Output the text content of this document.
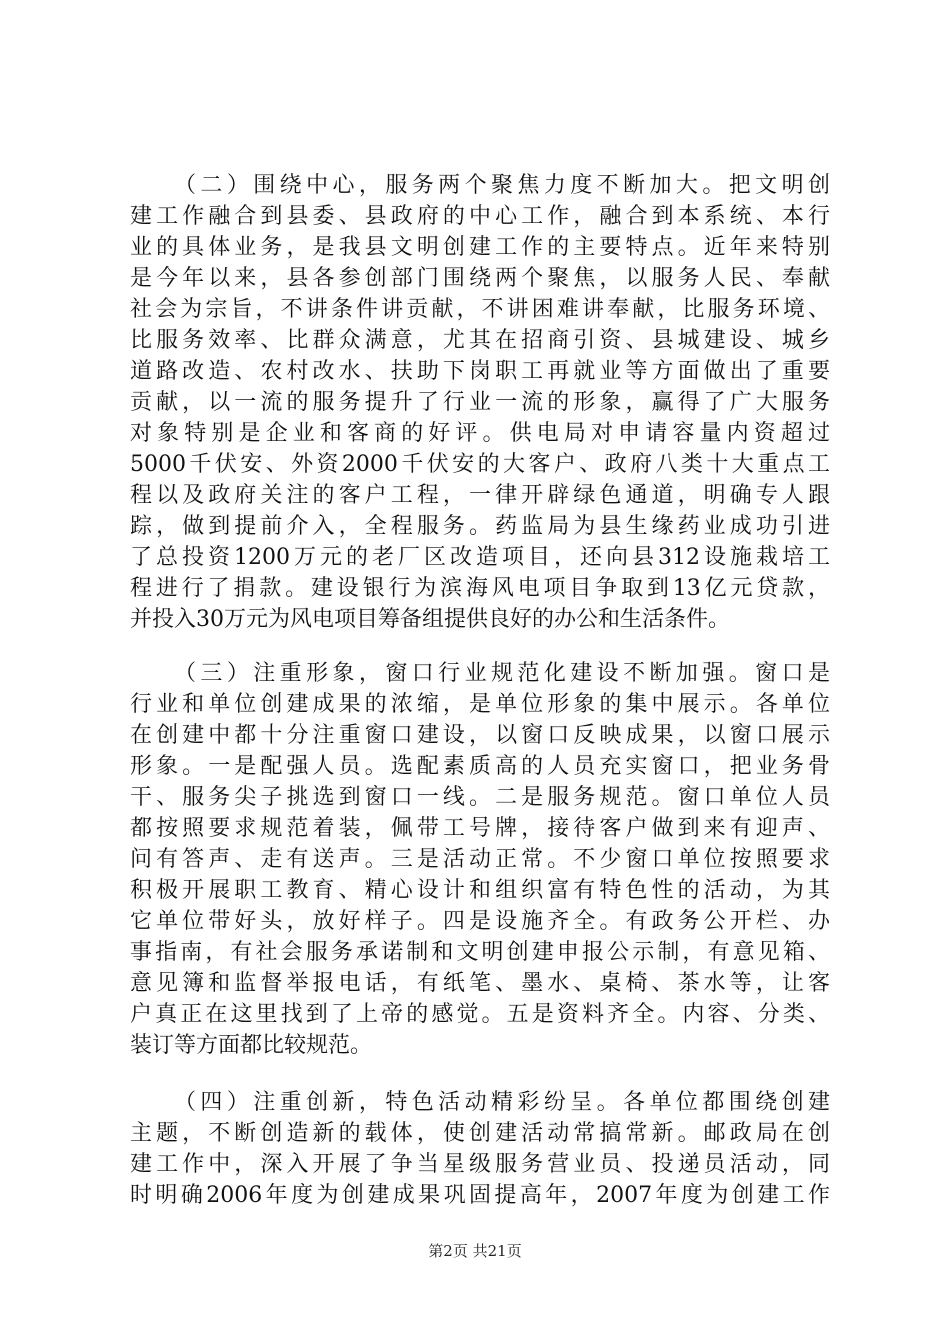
（二）围绕中心，服务两个聚焦力度不断加大。把文明创
建工作融合到县委、县政府的中心工作，融合到本系统、本行
业的具体业务，是我县文明创建工作的主要特点。近年来特别
是今年以来，县各参创部门围绕两个聚焦，以服务人民、奉献
社会为宗旨，不讲条件讲贡献，不讲困难讲奉献，比服务环境、
比服务效率、比群众满意，尤其在招商引资、县城建设、城乡
道路改造、农村改水、扶助下岗职工再就业等方面做出了重要
贡献，以一流的服务提升了行业一流的形象，赢得了广大服务
对象特别是企业和客商的好评。供电局对申请容量内资超过
5000千伏安、外资2000千伏安的大客户、政府八类十大重点工
程以及政府关注的客户工程，一律开辟绿色通道，明确专人跟
踪，做到提前介入，全程服务。药监局为县生缘药业成功引进
了总投资1200万元的老厂区改造项目，还向县312设施栽培工
程进行了捐款。建设银行为滨海风电项目争取到13亿元贷款，
并投入30万元为风电项目筹备组提供良好的办公和生活条件。
（三）注重形象，窗口行业规范化建设不断加强。窗口是
行业和单位创建成果的浓缩，是单位形象的集中展示。各单位
在创建中都十分注重窗口建设，以窗口反映成果，以窗口展示
形象。一是配强人员。选配素质高的人员充实窗口，把业务骨
干、服务尖子挑选到窗口一线。二是服务规范。窗口单位人员
都按照要求规范着装，佩带工号牌，接待客户做到来有迎声、
问有答声、走有送声。三是活动正常。不少窗口单位按照要求
积极开展职工教育、精心设计和组织富有特色性的活动，为其
它单位带好头，放好样子。四是设施齐全。有政务公开栏、办
事指南，有社会服务承诺制和文明创建申报公示制，有意见箱、
意见簿和监督举报电话，有纸笔、墨水、桌椅、茶水等，让客
户真正在这里找到了上帝的感觉。五是资料齐全。内容、分类、
装订等方面都比较规范。
（四）注重创新，特色活动精彩纷呈。各单位都围绕创建
主题，不断创造新的载体，使创建活动常搞常新。邮政局在创
建工作中，深入开展了争当星级服务营业员、投递员活动，同
时明确2006年度为创建成果巩固提高年，2007年度为创建工作
第2页 共21页
